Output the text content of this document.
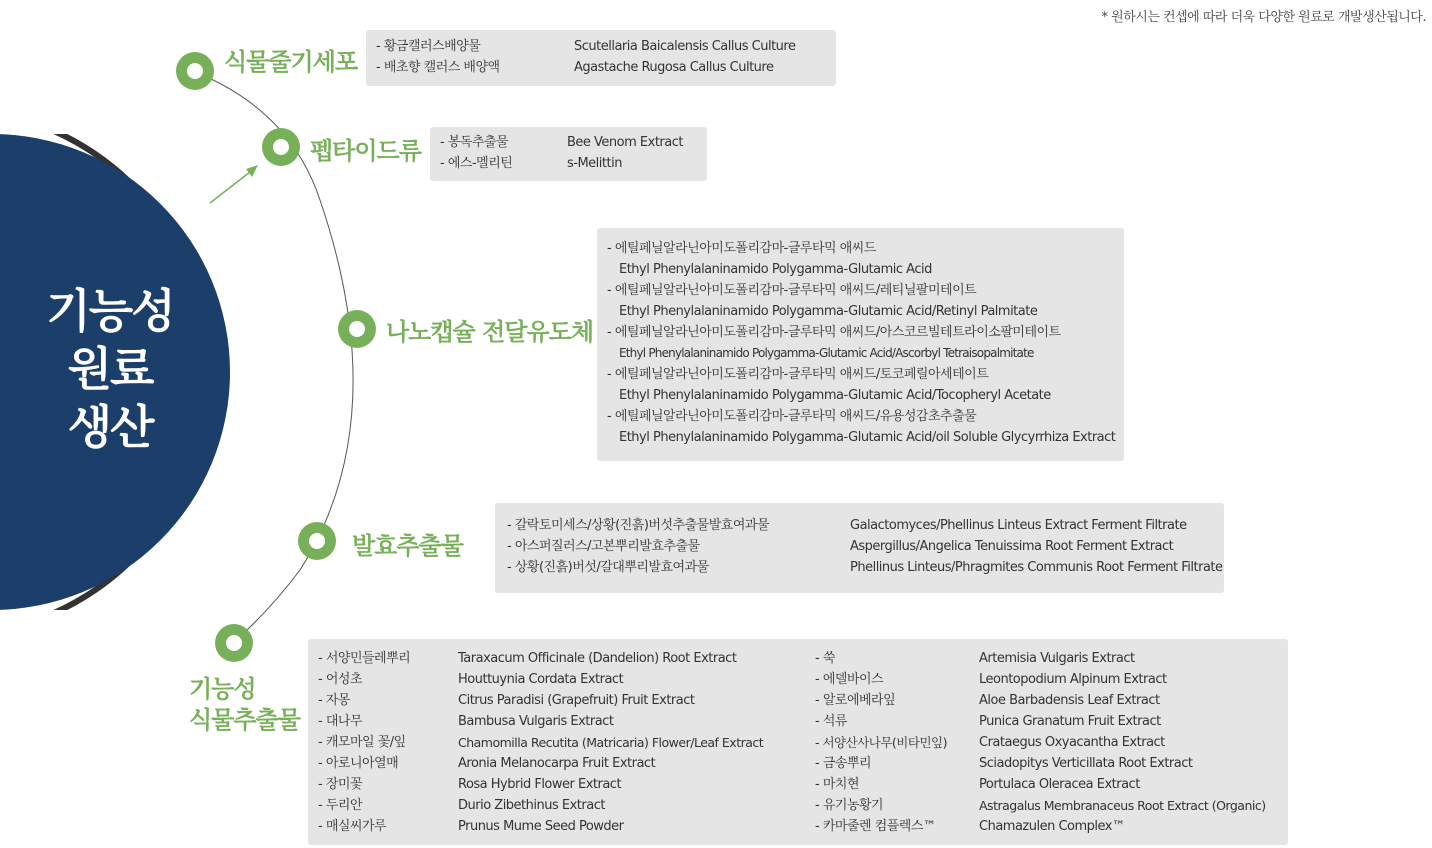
* 원하시는 컨셉에 따라 더욱 다양한 원료로 개발생산됩니다.
기능성
원료
생산
식물줄기세포
- 황금캘러스배양물	Scutellaria Baicalensis Callus Culture
- 배초향 캘러스 배양액	Agastache Rugosa Callus Culture
펩타이드류 - 봉독추출물	Bee Venom Extract
- 에스-멜리틴	s-Melittin
나노캡슐 전달유도체
- 에틸페닐알라닌아미도폴리감마-글루타믹 애씨드
Ethyl Phenylalaninamido Polygamma-Glutamic Acid
- 에틸페닐알라닌아미도폴리감마-글루타믹 애씨드/레티닐팔미테이트
Ethyl Phenylalaninamido Polygamma-Glutamic Acid/Retinyl Palmitate
- 에틸페닐알라닌아미도폴리감마-글루타믹 애씨드/아스코르빌테트라이소팔미테이트
Ethyl Phenylalaninamido Polygamma-Glutamic Acid/Ascorbyl Tetraisopalmitate
- 에틸페닐알라닌아미도폴리감마-글루타믹 애씨드/토코페릴아세테이트
Ethyl Phenylalaninamido Polygamma-Glutamic Acid/Tocopheryl Acetate
- 에틸페닐알라닌아미도폴리감마-글루타믹 애씨드/유용성감초추출물
Ethyl Phenylalaninamido Polygamma-Glutamic Acid/oil Soluble Glycyrrhiza Extract
발효추출물
- 갈락토미세스/상황(진흙)버섯추출물발효여과물	Galactomyces/Phellinus Linteus Extract Ferment Filtrate
- 아스퍼질러스/고본뿌리발효추출물	Aspergillus/Angelica Tenuissima Root Ferment Extract
- 상황(진흙)버섯/갈대뿌리발효여과물	Phellinus Linteus/Phragmites Communis Root Ferment Filtrate
기능성
식물추출물
- 서양민들레뿌리	Taraxacum Officinale (Dandelion) Root Extract	- 쑥	Artemisia Vulgaris Extract
- 어성초	Houttuynia Cordata Extract	- 에델바이스	Leontopodium Alpinum Extract
- 자몽	Citrus Paradisi (Grapefruit) Fruit Extract	- 알로에베라잎	Aloe Barbadensis Leaf Extract
- 대나무	Bambusa Vulgaris Extract	- 석류	Punica Granatum Fruit Extract
- 캐모마일 꽃/잎	Chamomilla Recutita (Matricaria) Flower/Leaf Extract	- 서양산사나무(비타민잎) Crataegus Oxyacantha Extract
- 아로니아열매	Aronia Melanocarpa Fruit Extract	- 금송뿌리	Sciadopitys Verticillata Root Extract
- 장미꽃	Rosa Hybrid Flower Extract	- 마치현	Portulaca Oleracea Extract
- 두리안	Durio Zibethinus Extract	- 유기농황기	Astragalus Membranaceus Root Extract (Organic)
- 매실씨가루	Prunus Mume Seed Powder	- 카마줄렌 컴플렉스™	Chamazulen Complex™
